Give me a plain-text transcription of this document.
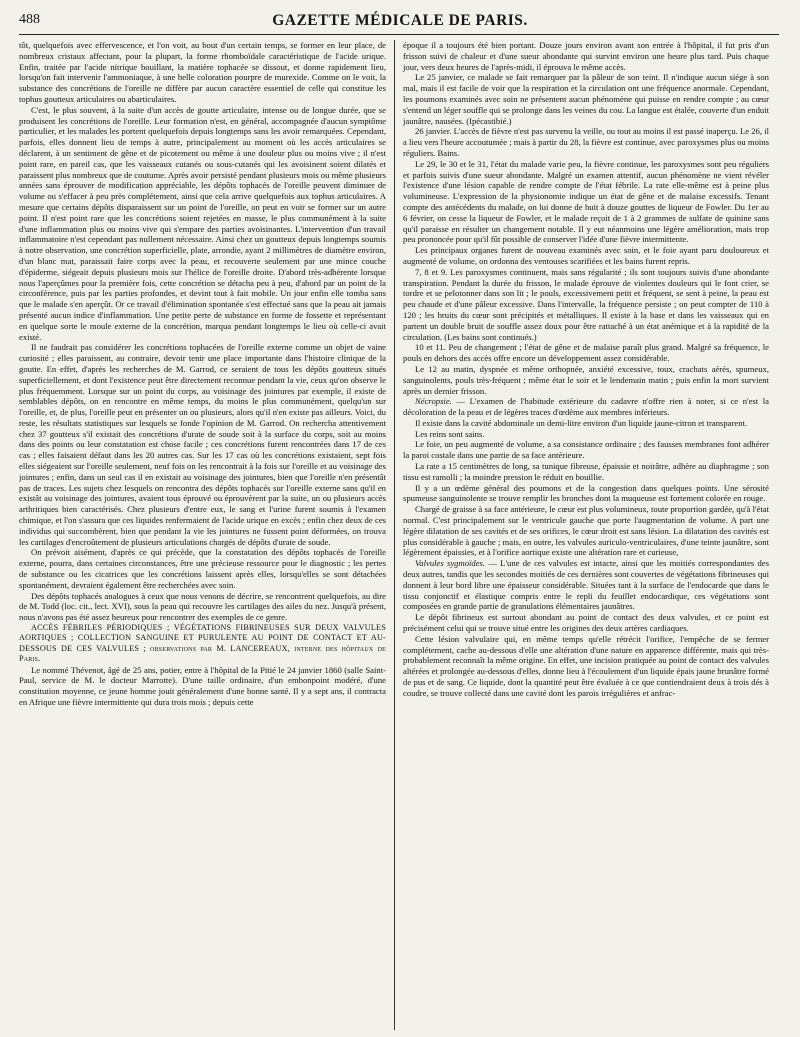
488	GAZETTE MÉDICALE DE PARIS.

tôt, quelquefois avec effervescence, et l'on voit, au bout d'un certain temps, se former en leur place, de nombreux cristaux affectant, pour la plupart, la forme rhomboïdale caractéristique de l'acide urique. Enfin, traitée par l'acide nitrique bouillant, la matière tophacée se dissout, et donne rapidement lieu, lorsqu'on fait intervenir l'ammoniaque, à une belle coloration pourpre de murexide. Comme on le voit, la substance des concrétions de l'oreille ne diffère par aucun caractère essentiel de celle qui constitue les tophus goutteux articulaires ou abarticulaires.

C'est, le plus souvent, à la suite d'un accès de goutte articulaire, intense ou de longue durée, que se produisent les concrétions de l'oreille. Leur formation n'est, en général, accompagnée d'aucun symptôme particulier, et les malades les portent quelquefois depuis longtemps sans les avoir remarquées. Cependant, parfois, elles donnent lieu de temps à autre, principalement au moment où les accès articulaires se déclarent, à un sentiment de gêne et de picotement ou même à une douleur plus ou moins vive ; il n'est point rare, en pareil cas, que les vaisseaux cutanés ou sous-cutanés qui les avoisinent soient dilatés et paraissent plus nombreux que de coutume. Après avoir persisté pendant plusieurs mois ou même plusieurs années sans éprouver de modification appréciable, les dépôts tophacés de l'oreille peuvent diminuer de volume ou s'effacer à peu près complétement, ainsi que cela arrive quelquefois aux tophus articulaires. A mesure que certains dépôts disparaissent sur un point de l'oreille, on peut en voir se former sur un autre point. Il n'est point rare que les concrétions soient rejetées en masse, le plus communément à la suite d'une inflammation plus ou moins vive qui s'empare des parties avoisinantes. L'intervention d'un travail inflammatoire n'est cependant pas nullement nécessaire. Ainsi chez un goutteux depuis longtemps soumis à notre observation, une concrétion superficielle, plate, arrondie, ayant 2 millimètres de diamètre environ, d'un blanc mat, paraissait faire corps avec la peau, et recouverte seulement par une mince couche d'épiderme, siégeait depuis plusieurs mois sur l'hélice de l'oreille droite. D'abord très-adhérente lorsque nous l'aperçûmes pour la première fois, cette concrétion se détacha peu à peu, d'abord par un point de la circonférence, puis par les parties profondes, et devint tout à fait mobile. Un jour enfin elle tomba sans que le malade s'en aperçût. Or ce travail d'élimination spontanée s'est effectué sans que la peau ait jamais présenté aucun indice d'inflammation. Une petite perte de substance en forme de fossette et représentant en quelque sorte le moule externe de la concrétion, marqua pendant longtemps le lieu où celle-ci avait existé.

Il ne faudrait pas considérer les concrétions tophacées de l'oreille externe comme un objet de vaine curiosité ; elles paraissent, au contraire, devoir tenir une place importante dans l'histoire clinique de la goutte. En effet, d'après les recherches de M. Garrod, ce seraient de tous les dépôts goutteux situés superficiellement, et dont l'existence peut être directement reconnue pendant la vie, ceux qu'on observe le plus fréquemment. Lorsque sur un point du corps, au voisinage des jointures par exemple, il existe de semblables dépôts, on en rencontre en même temps, du moins le plus communément, quelqu'un sur l'oreille, et, de plus, l'oreille peut en présenter un ou plusieurs, alors qu'il n'en existe pas ailleurs. Voici, du reste, les résultats statistiques sur lesquels se fonde l'opinion de M. Garrod. On rechercha attentivement chez 37 goutteux s'il existait des concrétions d'urate de soude soit à la surface du corps, soit au moins dans des points ou leur constatation est chose facile ; ces concrétions furent rencontrées dans 17 de ces cas ; elles faisaient défaut dans les 20 autres cas. Sur les 17 cas où les concrétions existaient, sept fois elles siégeaient sur l'oreille seulement, neuf fois on les rencontrait à la fois sur l'oreille et au voisinage des jointures ; enfin, dans un seul cas il en existait au voisinage des jointures, bien que l'oreille n'en présentât pas de traces. Les sujets chez lesquels on rencontra des dépôts tophacés sur l'oreille externe sans qu'il en existât au voisinage des jointures, avaient tous éprouvé ou éprouvèrent par la suite, un ou plusieurs accès arthritiques bien caractérisés. Chez plusieurs d'entre eux, le sang et l'urine furent soumis à l'examen chimique, et l'on s'assura que ces liquides renfermaient de l'acide urique en excès ; enfin chez deux de ces individus qui succombèrent, bien que pendant la vie les jointures ne fussent point déformées, on trouva les cartilages d'encroûtement de plusieurs articulations chargés de dépôts d'urate de soude.

On prévoit aisément, d'après ce qui précède, que la constatation des dépôts tophacés de l'oreille externe, pourra, dans certaines circonstances, être une précieuse ressource pour le diagnostic ; les pertes de substance ou les cicatrices que les concrétions laissent après elles, lorsqu'elles se sont détachées spontanément, devraient également être recherchées avec soin.

Des dépôts tophacés analogues à ceux que nous venons de décrire, se rencontrent quelquefois, au dire de M. Todd (loc. cit., lect. XVI), sous la peau qui recouvre les cartilages des ailes du nez. Jusqu'à présent, nous n'avons pas été assez heureux pour rencontrer des exemples de ce genre.

ACCÈS FÉBRILES PÉRIODIQUES ; VÉGÉTATIONS FIBRINEUSES SUR DEUX VALVULES AORTIQUES ; COLLECTION SANGUINE ET PURULENTE AU POINT DE CONTACT ET AU-DESSOUS DE CES VALVULES ; observations par M. LANCEREAUX, interne des hôpitaux de Paris.

Le nommé Thévenot, âgé de 25 ans, potier, entre à l'hôpital de la Pitié le 24 janvier 1860 (salle Saint-Paul, service de M. le docteur Marrotte). D'une taille ordinaire, d'un embonpoint modéré, d'une constitution moyenne, ce jeune homme jouit généralement d'une bonne santé. Il y a sept ans, il contracta en Afrique une fièvre intermittente qui dura trois mois ; depuis cette

époque il a toujours été bien portant. Douze jours environ avant son entrée à l'hôpital, il fut pris d'un frisson suivi de chaleur et d'une sueur abondante qui survint environ une heure plus tard. Puis chaque jour, vers deux heures de l'après-midi, il éprouva le même accès.

Le 25 janvier, ce malade se fait remarquer par la pâleur de son teint. Il n'indique aucun siége à son mal, mais il est facile de voir que la respiration et la circulation ont une fréquence anormale. Cependant, les poumons examinés avec soin ne présentent aucun phénomène qui puisse en rendre compte ; au cœur s'entend un léger souffle qui se prolonge dans les veines du cou. La langue est étalée, couverte d'un enduit jaunâtre, nausées. (Ipécastibié.)

26 janvier. L'accès de fièvre n'est pas survenu la veille, ou tout au moins il est passé inaperçu. Le 26, il a lieu vers l'heure accoutumée ; mais à partir du 28, la fièvre est continue, avec paroxysmes plus ou moins réguliers. Bains.

Le 29, le 30 et le 31, l'état du malade varie peu, la fièvre continue, les paroxysmes sont peu réguliers et parfois suivis d'une sueur abondante. Malgré un examen attentif, aucun phénomène ne vient révéler l'existence d'une lésion capable de rendre compte de l'état fébrile. La rate elle-même est à peine plus volumineuse. L'expression de la physionomie indique un état de gêne et de malaise excessifs. Tenant compte des antécédents du malade, on lui donne de huit à douze gouttes de liqueur de Fowler. Du 1er au 6 février, on cesse la liqueur de Fowler, et le malade reçoit de 1 à 2 grammes de sulfate de quinine sans qu'il paraisse en résulter un changement notable. Il y eut néanmoins une légère amélioration, mais trop peu prononcée pour qu'il fût possible de conserver l'idée d'une fièvre intermittente.

Les principaux organes furent de nouveau examinés avec soin, et le foie ayant paru douloureux et augmenté de volume, on ordonna des ventouses scarifiées et les bains furent repris.

7, 8 et 9. Les paroxysmes continuent, mais sans régularité ; ils sont toujours suivis d'une abondante transpiration. Pendant la durée du frisson, le malade éprouve de violentes douleurs qui le font crier, se tordre et se pelotonner dans son lit ; le pouls, excessivement petit et fréquent, se sent à peine, la peau est peu chaude et d'une pâleur excessive. Dans l'intervalle, la fréquence persiste ; on peut compter de 110 à 120 ; les bruits du cœur sont précipités et métalliques. Il existe à la base et dans les vaisseaux qui en partent un double bruit de souffle assez doux pour être rattaché à un état anémique et à la rapidité de la circulation. (Les bains sont continués.)

10 et 11. Peu de changement ; l'état de gêne et de malaise paraît plus grand. Malgré sa fréquence, le pouls en dehors des accès offre encore un développement assez considérable.

Le 12 au matin, dyspnée et même orthopnée, anxiété excessive, toux, crachats aérés, spumeux, sanguinolents, pouls très-fréquent ; même état le soir et le lendemain matin ; puis enfin la mort survient après un dernier frisson.

Nécropsie. — L'examen de l'habitude extérieure du cadavre n'offre rien à noter, si ce n'est la décoloration de la peau et de légères traces d'œdème aux membres inférieurs.

Il existe dans la cavité abdominale un demi-litre environ d'un liquide jaune-citron et transparent.

Les reins sont sains.

Le foie, un peu augmenté de volume, a sa consistance ordinaire ; des fausses membranes font adhérer la paroi costale dans une partie de sa face antérieure.

La rate a 15 centimètres de long, sa tunique fibreuse, épaissie et noirâtre, adhère au diaphragme ; son tissu est ramolli ; la moindre pression le réduit en bouillie.

Il y a un œdème général des poumons et de la congestion dans quelques points. Une sérosité spumeuse sanguinolente se trouve remplir les bronches dont la muqueuse est fortement colorée en rouge.

Chargé de graisse à sa face antérieure, le cœur est plus volumineux, toute proportion gardée, qu'à l'état normal. C'est principalement sur le ventricule gauche que porte l'augmentation de volume. A part une légère dilatation de ses cavités et de ses orifices, le cœur droit est sans lésion. La dilatation des cavités est plus considérable à gauche ; mais, en outre, les valvules auriculo-ventriculaires, d'une teinte jaunâtre, sont légèrement épaissies, et à l'orifice aortique existe une altération rare et curieuse,

Valvules sygmoïdes. — L'une de ces valvules est intacte, ainsi que les moitiés correspondantes des deux autres, tandis que les secondes moitiés de ces dernières sont couvertes de végétations fibrineuses qui donnent à leur bord libre une épaisseur considérable. Situées tant à la surface de l'endocarde que dans le tissu conjonctif et élastique compris entre le repli du feuillet endocardique, ces végétations sont composées en grande partie de granulations élémentaires jaunâtres.

Le dépôt fibrineux est surtout abondant au point de contact des deux valvules, et ce point est précisément celui qui se trouve situé entre les origines des deux artères cardiaques.

Cette lésion valvulaire qui, en même temps qu'elle rétrécit l'orifice, l'empêche de se fermer complétement, cache au-dessous d'elle une altération d'une nature en apparence différente, mais qui très-probablement reconnaît la même origine. En effet, une incision pratiquée au point de contact des valvules altérées et prolongée au-dessous d'elles, donne lieu à l'écoulement d'un liquide épais jaune brunâtre formé de pus et de sang. Ce liquide, dont la quantité peut être évaluée à ce que contiendraient deux à trois dés à coudre, se trouve collecté dans une cavité dont les parois irrégulières et anfrac-
